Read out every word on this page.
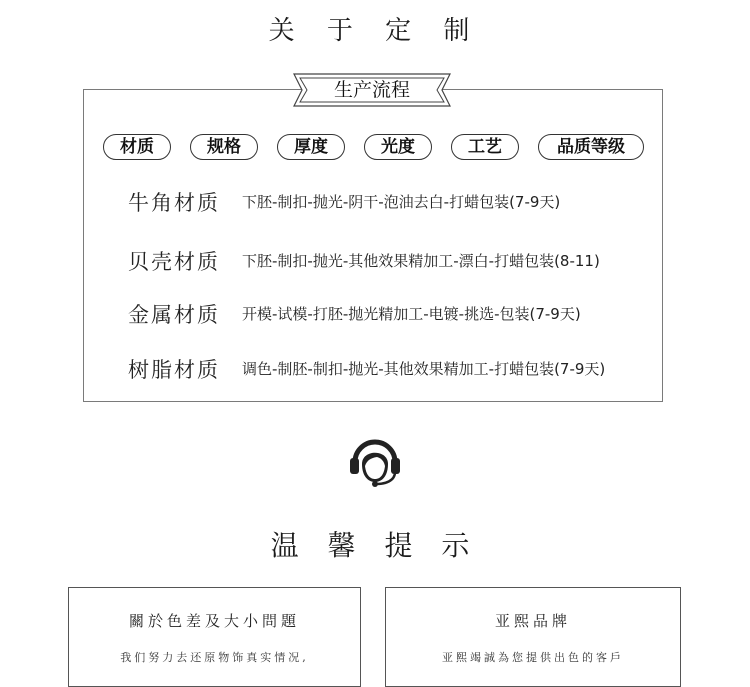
关 于 定 制
生产流程
材质	规格	厚度	光度	工艺	品质等级
牛角材质 下胚-制扣-抛光-阴干-泡油去白-打蜡包装(7-9天)
贝壳材质 下胚-制扣-抛光-其他效果精加工-漂白-打蜡包装(8-11)
金属材质 开模-试模-打胚-抛光精加工-电镀-挑选-包装(7-9天)
树脂材质 调色-制胚-制扣-抛光-其他效果精加工-打蜡包装(7-9天)
温 馨 提 示
關於色差及大小問題
我们努力去还原物饰真实情况,
亚熙品牌
亚熙竭誠為您提供出色的客戶
